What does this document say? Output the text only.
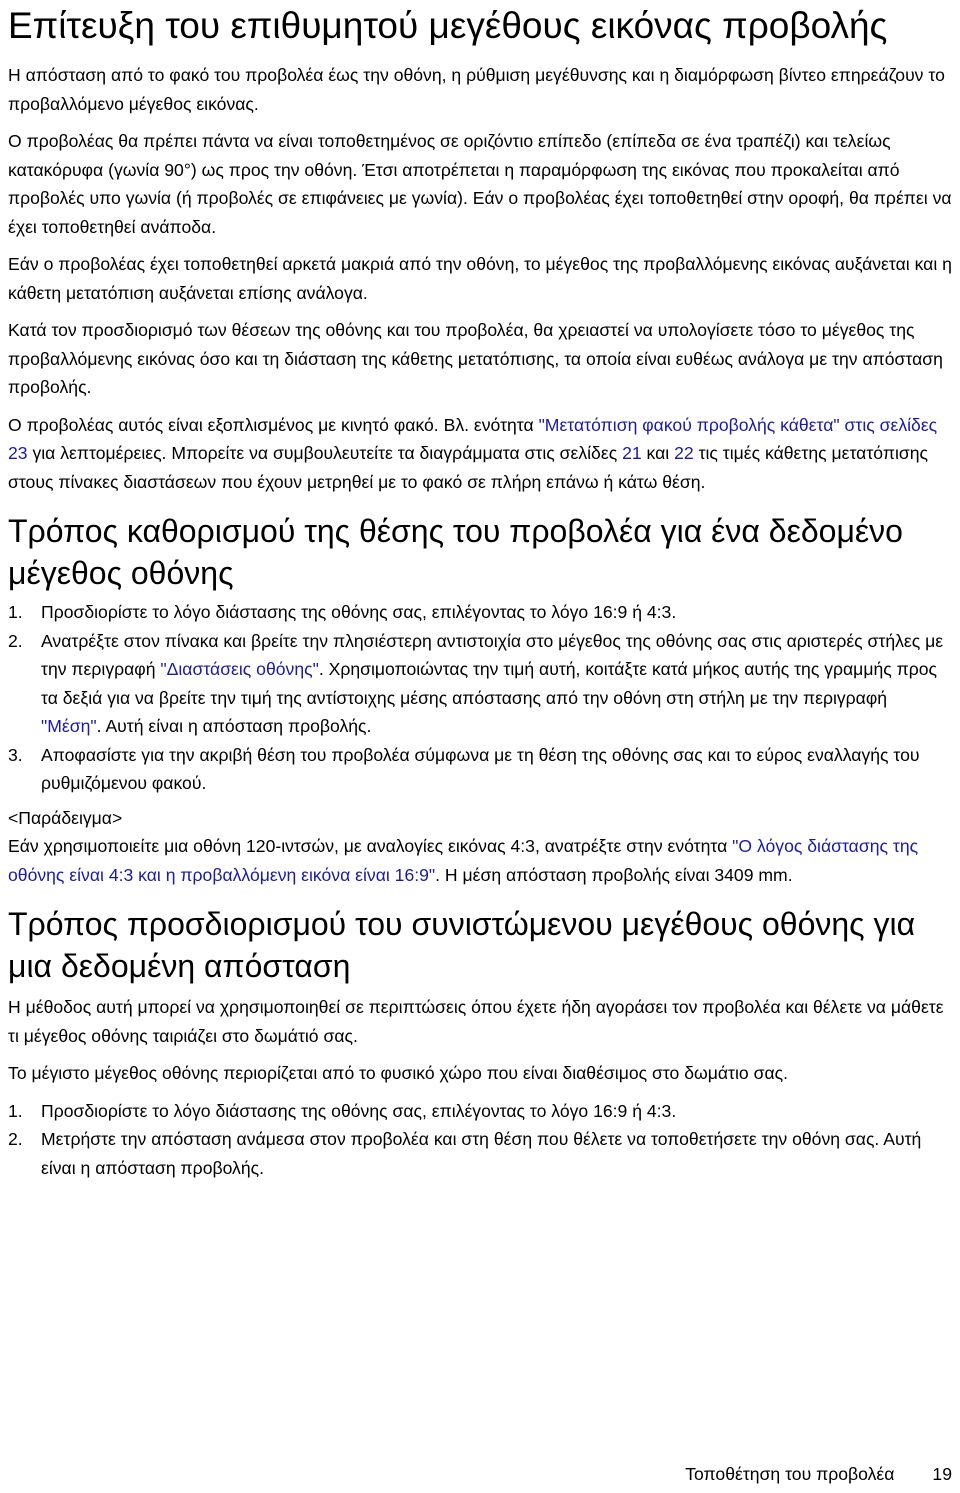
Επίτευξη του επιθυμητού μεγέθους εικόνας προβολής

Η απόσταση από το φακό του προβολέα έως την οθόνη, η ρύθμιση μεγέθυνσης και η διαμόρφωση βίντεο επηρεάζουν το προβαλλόμενο μέγεθος εικόνας.

Ο προβολέας θα πρέπει πάντα να είναι τοποθετημένος σε οριζόντιο επίπεδο (επίπεδα σε ένα τραπέζι) και τελείως κατακόρυφα (γωνία 90°) ως προς την οθόνη. Έτσι αποτρέπεται η παραμόρφωση της εικόνας που προκαλείται από προβολές υπο γωνία (ή προβολές σε επιφάνειες με γωνία). Εάν ο προβολέας έχει τοποθετηθεί στην οροφή, θα πρέπει να έχει τοποθετηθεί ανάποδα.

Εάν ο προβολέας έχει τοποθετηθεί αρκετά μακριά από την οθόνη, το μέγεθος της προβαλλόμενης εικόνας αυξάνεται και η κάθετη μετατόπιση αυξάνεται επίσης ανάλογα.

Κατά τον προσδιορισμό των θέσεων της οθόνης και του προβολέα, θα χρειαστεί να υπολογίσετε τόσο το μέγεθος της προβαλλόμενης εικόνας όσο και τη διάσταση της κάθετης μετατόπισης, τα οποία είναι ευθέως ανάλογα με την απόσταση προβολής.

Ο προβολέας αυτός είναι εξοπλισμένος με κινητό φακό. Βλ. ενότητα "Μετατόπιση φακού προβολής κάθετα" στις σελίδες 23 για λεπτομέρειες. Μπορείτε να συμβουλευτείτε τα διαγράμματα στις σελίδες 21 και 22 τις τιμές κάθετης μετατόπισης στους πίνακες διαστάσεων που έχουν μετρηθεί με το φακό σε πλήρη επάνω ή κάτω θέση.

Τρόπος καθορισμού της θέσης του προβολέα για ένα δεδομένο μέγεθος οθόνης
1. Προσδιορίστε το λόγο διάστασης της οθόνης σας, επιλέγοντας το λόγο 16:9 ή 4:3.
2. Ανατρέξτε στον πίνακα και βρείτε την πλησιέστερη αντιστοιχία στο μέγεθος της οθόνης σας στις αριστερές στήλες με την περιγραφή "Διαστάσεις οθόνης". Χρησιμοποιώντας την τιμή αυτή, κοιτάξτε κατά μήκος αυτής της γραμμής προς τα δεξιά για να βρείτε την τιμή της αντίστοιχης μέσης απόστασης από την οθόνη στη στήλη με την περιγραφή "Μέση". Αυτή είναι η απόσταση προβολής.
3. Αποφασίστε για την ακριβή θέση του προβολέα σύμφωνα με τη θέση της οθόνης σας και το εύρος εναλλαγής του ρυθμιζόμενου φακού.

<Παράδειγμα>

Εάν χρησιμοποιείτε μια οθόνη 120-ιντσών, με αναλογίες εικόνας 4:3, ανατρέξτε στην ενότητα "Ο λόγος διάστασης της οθόνης είναι 4:3 και η προβαλλόμενη εικόνα είναι 16:9". Η μέση απόσταση προβολής είναι 3409 mm.

Τρόπος προσδιορισμού του συνιστώμενου μεγέθους οθόνης για μια δεδομένη απόσταση

Η μέθοδος αυτή μπορεί να χρησιμοποιηθεί σε περιπτώσεις όπου έχετε ήδη αγοράσει τον προβολέα και θέλετε να μάθετε τι μέγεθος οθόνης ταιριάζει στο δωμάτιό σας.

Το μέγιστο μέγεθος οθόνης περιορίζεται από το φυσικό χώρο που είναι διαθέσιμος στο δωμάτιο σας.

1. Προσδιορίστε το λόγο διάστασης της οθόνης σας, επιλέγοντας το λόγο 16:9 ή 4:3.
2. Μετρήστε την απόσταση ανάμεσα στον προβολέα και στη θέση που θέλετε να τοποθετήσετε την οθόνη σας. Αυτή είναι η απόσταση προβολής.
Τοποθέτηση του προβολέα 19
